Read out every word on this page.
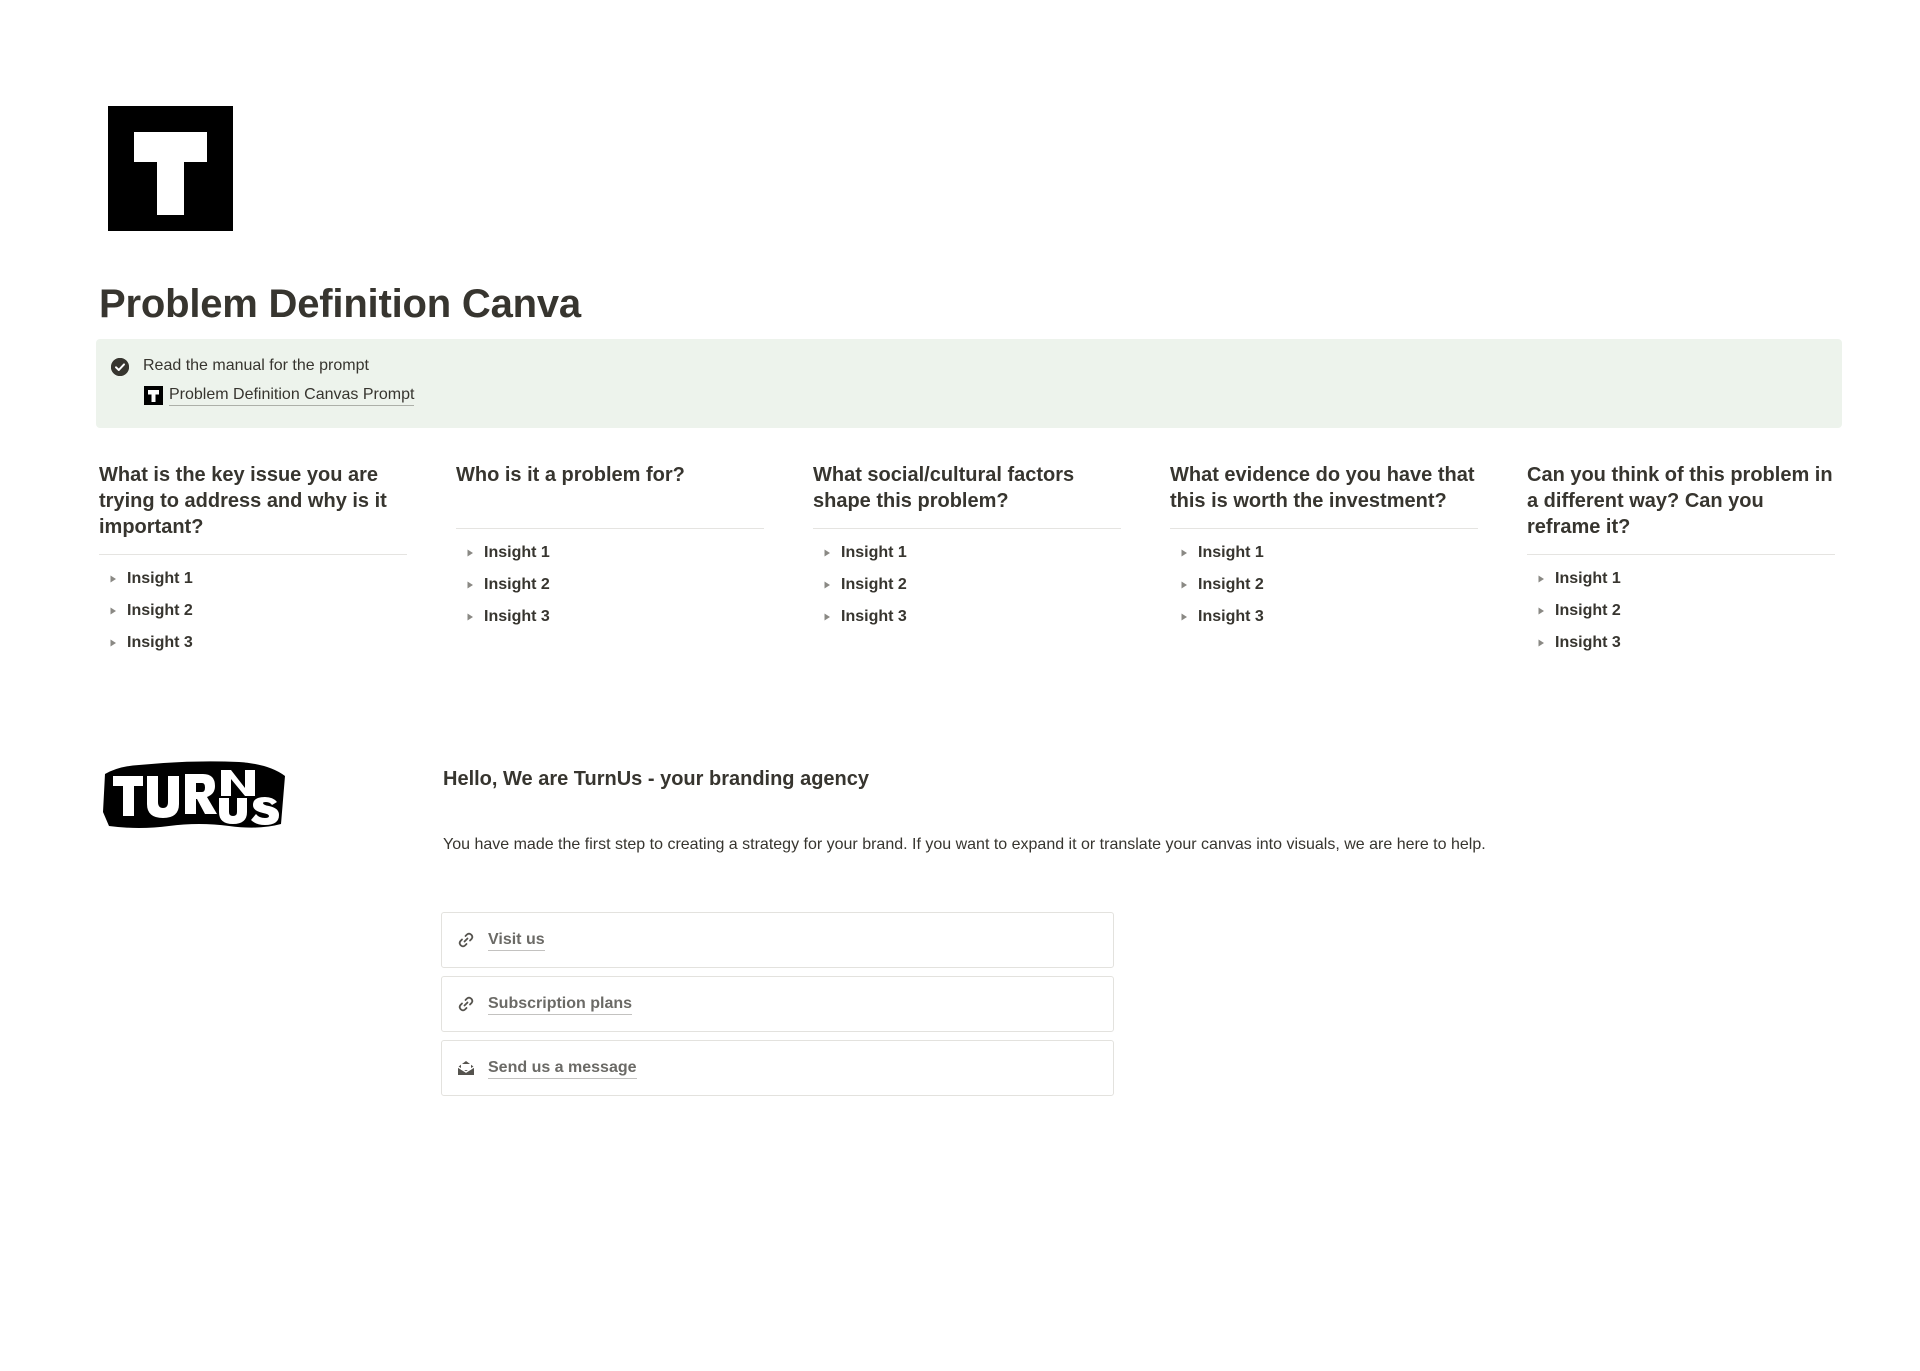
Problem Definition Canva
Read the manual for the prompt
Problem Definition Canvas Prompt
What is the key issue you are trying to address and why is it important?
Insight 1
Insight 2
Insight 3
Who is it a problem for?
Insight 1
Insight 2
Insight 3
What social/cultural factors shape this problem?
Insight 1
Insight 2
Insight 3
What evidence do you have that this is worth the investment?
Insight 1
Insight 2
Insight 3
Can you think of this problem in a different way? Can you reframe it?
Insight 1
Insight 2
Insight 3
Hello, We are TurnUs - your branding agency

You have made the first step to creating a strategy for your brand. If you want to expand it or translate your canvas into visuals, we are here to help.

Visit us
Subscription plans
Send us a message
